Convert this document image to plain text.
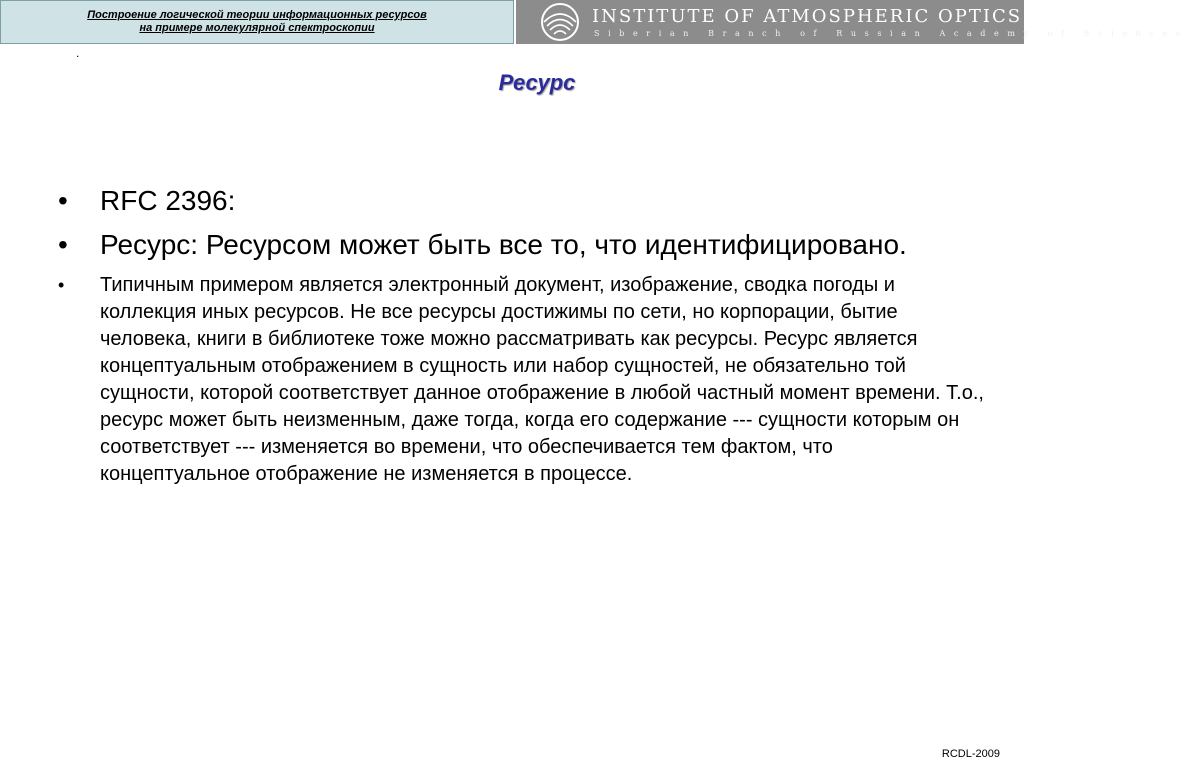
Построение логической теории информационных ресурсов
на примере молекулярной спектроскопии
INSTITUTE OF ATMOSPHERIC OPTICS
Siberian Branch of Russian Academy of Sciences
.
Ресурс
• RFC 2396:
• Ресурс: Ресурсом может быть все то, что идентифицировано.
• Типичным примером является электронный документ, изображение, сводка погоды и коллекция иных ресурсов. Не все ресурсы достижимы по сети, но корпорации, бытие человека, книги в библиотеке тоже можно рассматривать как ресурсы. Ресурс является концептуальным отображением в сущность или набор сущностей, не обязательно той сущности, которой соответствует данное отображение в любой частный момент времени. Т.о., ресурс может быть неизменным, даже тогда, когда его содержание --- сущности которым он соответствует --- изменяется во времени, что обеспечивается тем фактом, что концептуальное отображение не изменяется в процессе.
RCDL-2009
